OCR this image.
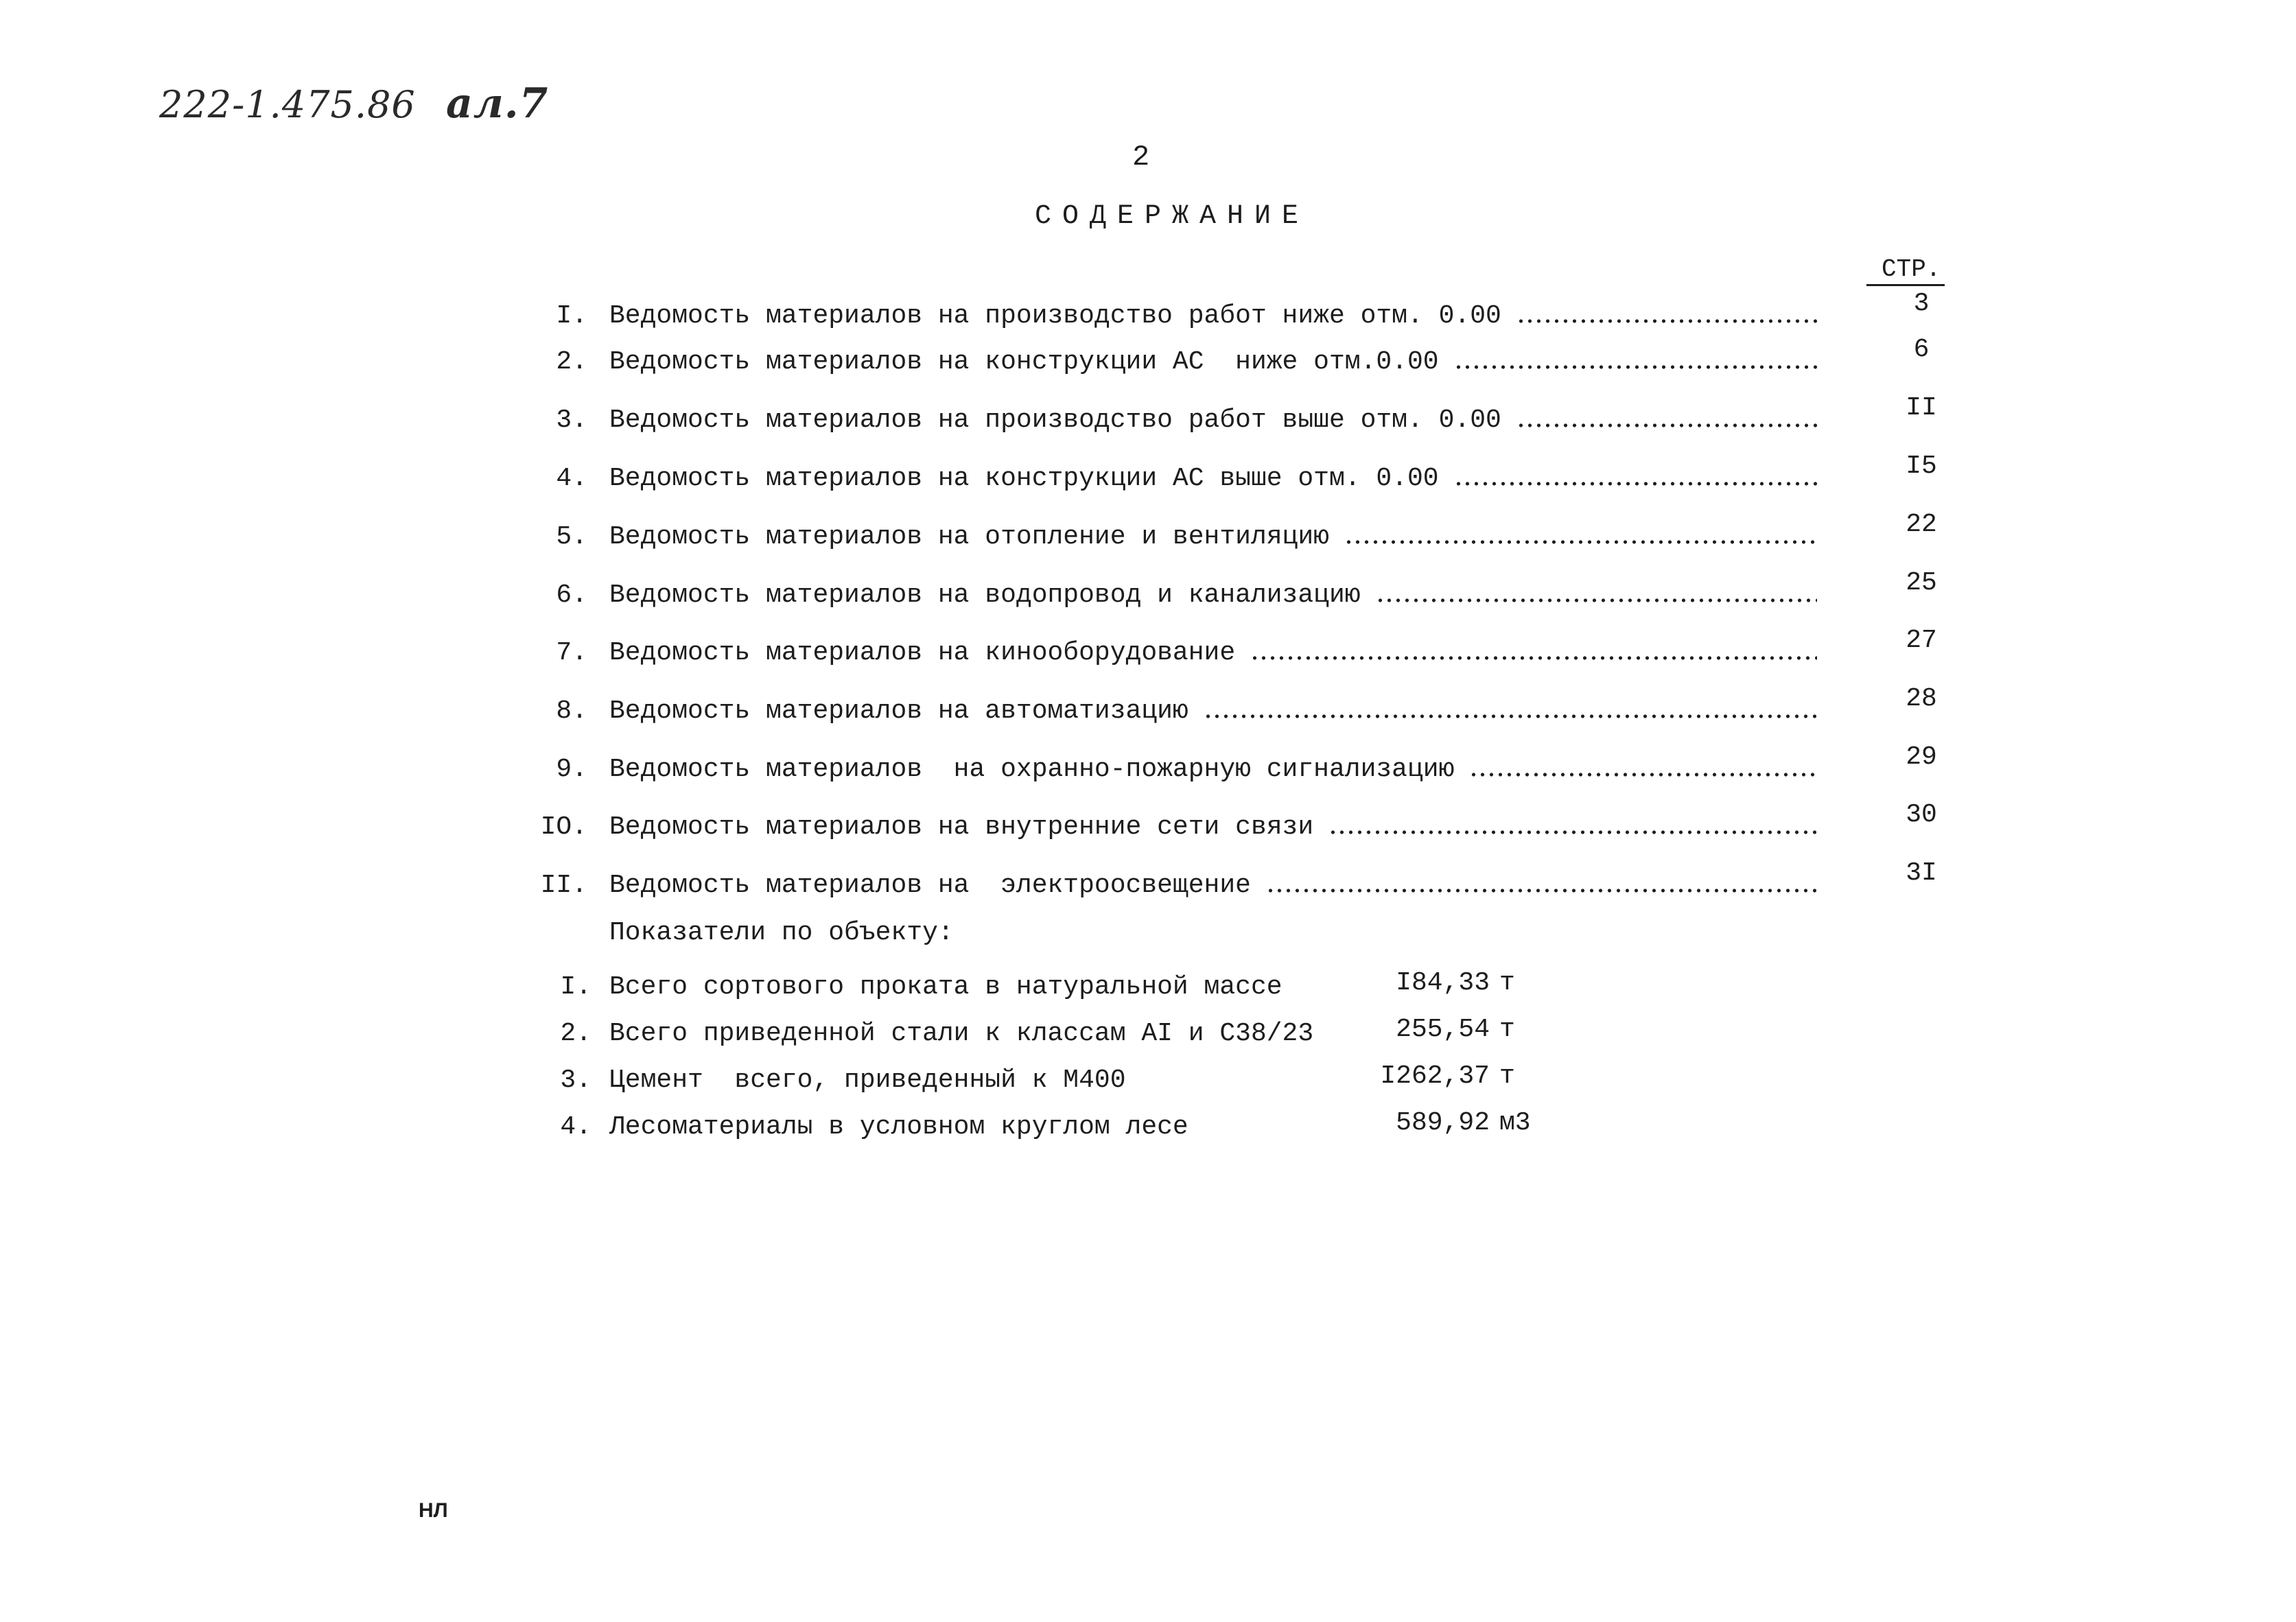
222-1.475.86 ал.7
2
СОДЕРЖАНИЕ
СТР.
I. Ведомость материалов на производство работ ниже отм. 0.00	3
2. Ведомость материалов на конструкции АС  ниже отм.0.00	6
3. Ведомость материалов на производство работ выше отм. 0.00	II
4. Ведомость материалов на конструкции АС выше отм. 0.00	I5
5. Ведомость материалов на отопление и вентиляцию	22
6. Ведомость материалов на водопровод и канализацию	25
7. Ведомость материалов на кинооборудование	27
8. Ведомость материалов на автоматизацию	28
9. Ведомость материалов  на охранно-пожарную сигнализацию	29
IO. Ведомость материалов на внутренние сети связи	30
II. Ведомость материалов на  электроосвещение	3I
Показатели по объекту:
I. Всего сортового проката в натуральной массе	I84,33 т
2. Всего приведенной стали к классам AI и С38/23	255,54 т
3. Цемент  всего, приведенный к М400	I262,37 т
4. Лесоматериалы в условном круглом лесе	589,92 м3
НЛ
